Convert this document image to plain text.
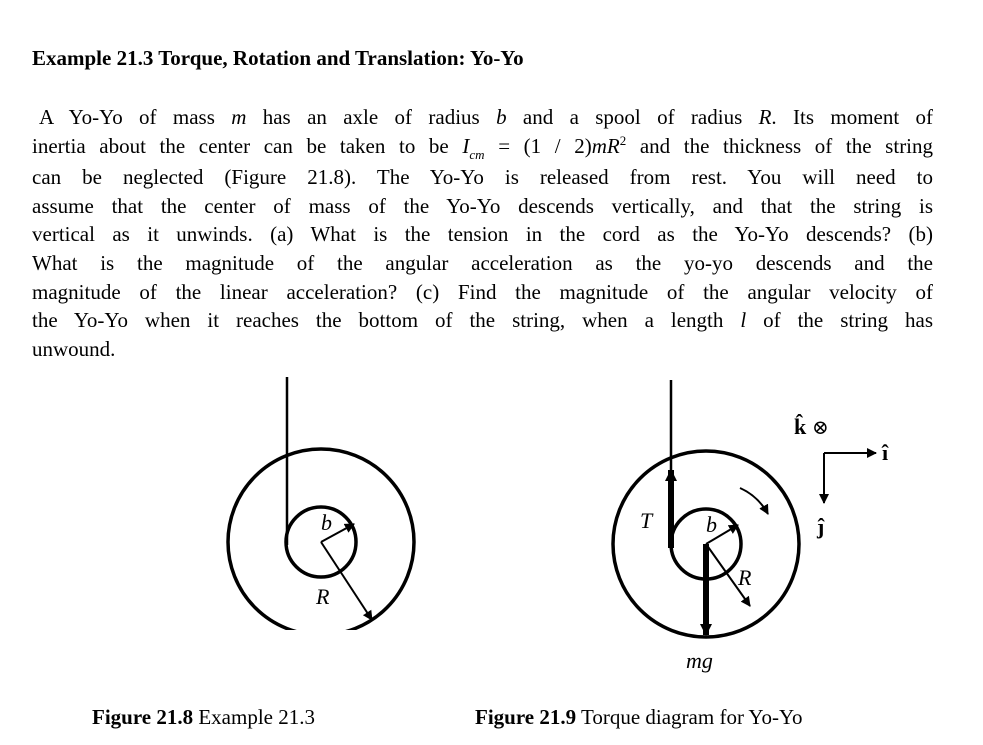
Example 21.3 Torque, Rotation and Translation: Yo-Yo
A Yo-Yo of mass m has an axle of radius b and a spool of radius R. Its moment of
inertia about the center can be taken to be $I_{cm} = (1 / 2)mR^2$ and the thickness of the string
can be neglected (Figure 21.8). The Yo-Yo is released from rest. You will need to
assume that the center of mass of the Yo-Yo descends vertically, and that the string is
vertical as it unwinds. (a) What is the tension in the cord as the Yo-Yo descends? (b)
What is the magnitude of the angular acceleration as the yo-yo descends and the
magnitude of the linear acceleration? (c) Find the magnitude of the angular velocity of
the Yo-Yo when it reaches the bottom of the string, when a length l of the string has
unwound.
b
R
Figure 21.8 Example 21.3
T b
R
mg
k̂ ⊗
î
ĵ
Figure 21.9 Torque diagram for Yo-Yo
